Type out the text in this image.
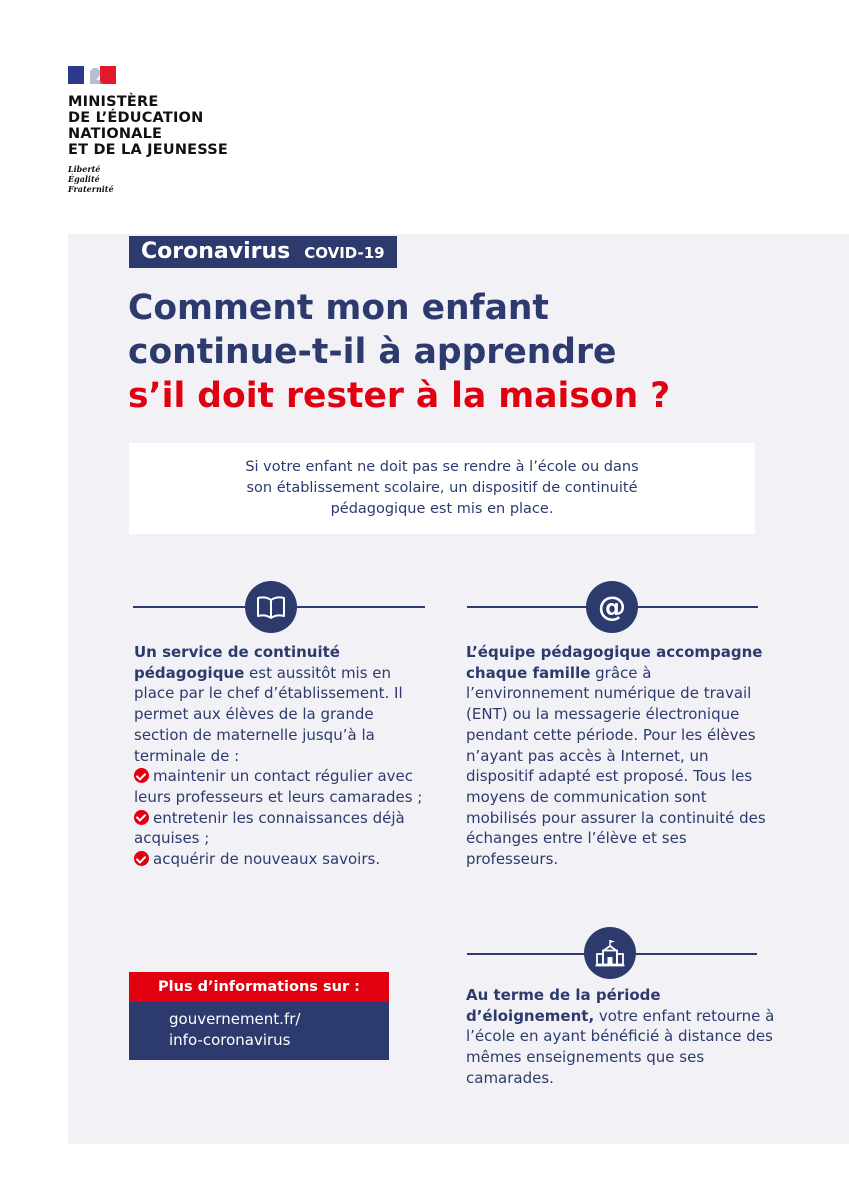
MINISTÈRE
DE L’ÉDUCATION
NATIONALE
ET DE LA JEUNESSE
Liberté
Égalité
Fraternité
Coronavirus COVID-19
Comment mon enfant
continue-t-il à apprendre
s’il doit rester à la maison ?

Si votre enfant ne doit pas se rendre à l’école ou dans son établissement scolaire, un dispositif de continuité pédagogique est mis en place.

@

Un service de continuité pédagogique est aussitôt mis en place par le chef d’établissement. Il permet aux élèves de la grande section de maternelle jusqu’à la terminale de :

maintenir un contact régulier avec leurs professeurs et leurs camarades ;
entretenir les connaissances déjà acquises ;
acquérir de nouveaux savoirs.

L’équipe pédagogique accompagne chaque famille grâce à l’environnement numérique de travail (ENT) ou la messagerie électronique pendant cette période. Pour les élèves n’ayant pas accès à Internet, un dispositif adapté est proposé. Tous les moyens de communication sont mobilisés pour assurer la continuité des échanges entre l’élève et ses professeurs.

Au terme de la période d’éloignement, votre enfant retourne à l’école en ayant bénéficié à distance des mêmes enseignements que ses camarades.

Plus d’informations sur :
gouvernement.fr/
info-coronavirus
